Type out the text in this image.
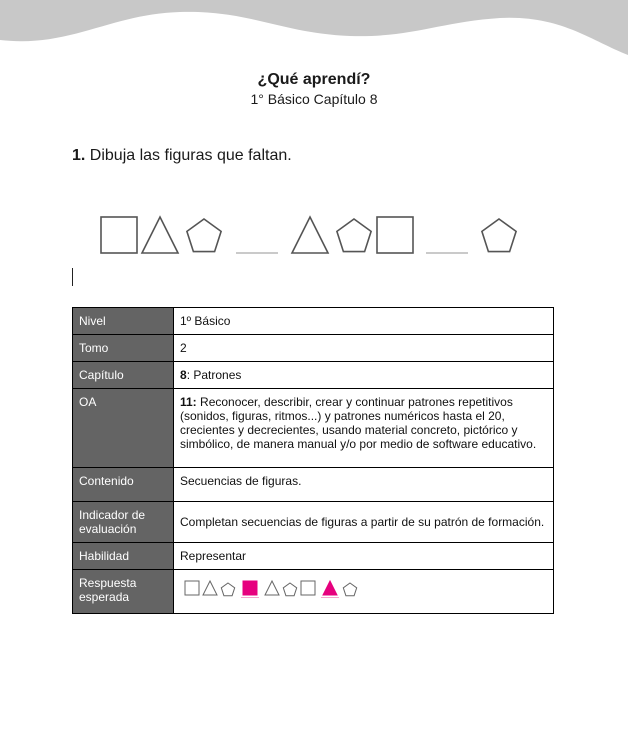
¿Qué aprendí?
1° Básico Capítulo 8
1. Dibuja las figuras que faltan.
Nivel	1º Básico
Tomo	2
Capítulo	8: Patrones
OA	11: Reconocer, describir, crear y continuar patrones repetitivos (sonidos, figuras, ritmos...) y patrones numéricos hasta el 20, crecientes y decrecientes, usando material concreto, pictórico y simbólico, de manera manual y/o por medio de software educativo.
Contenido	Secuencias de figuras.
Indicador de evaluación	Completan secuencias de figuras a partir de su patrón de formación.
Habilidad	Representar
Respuesta esperada	
